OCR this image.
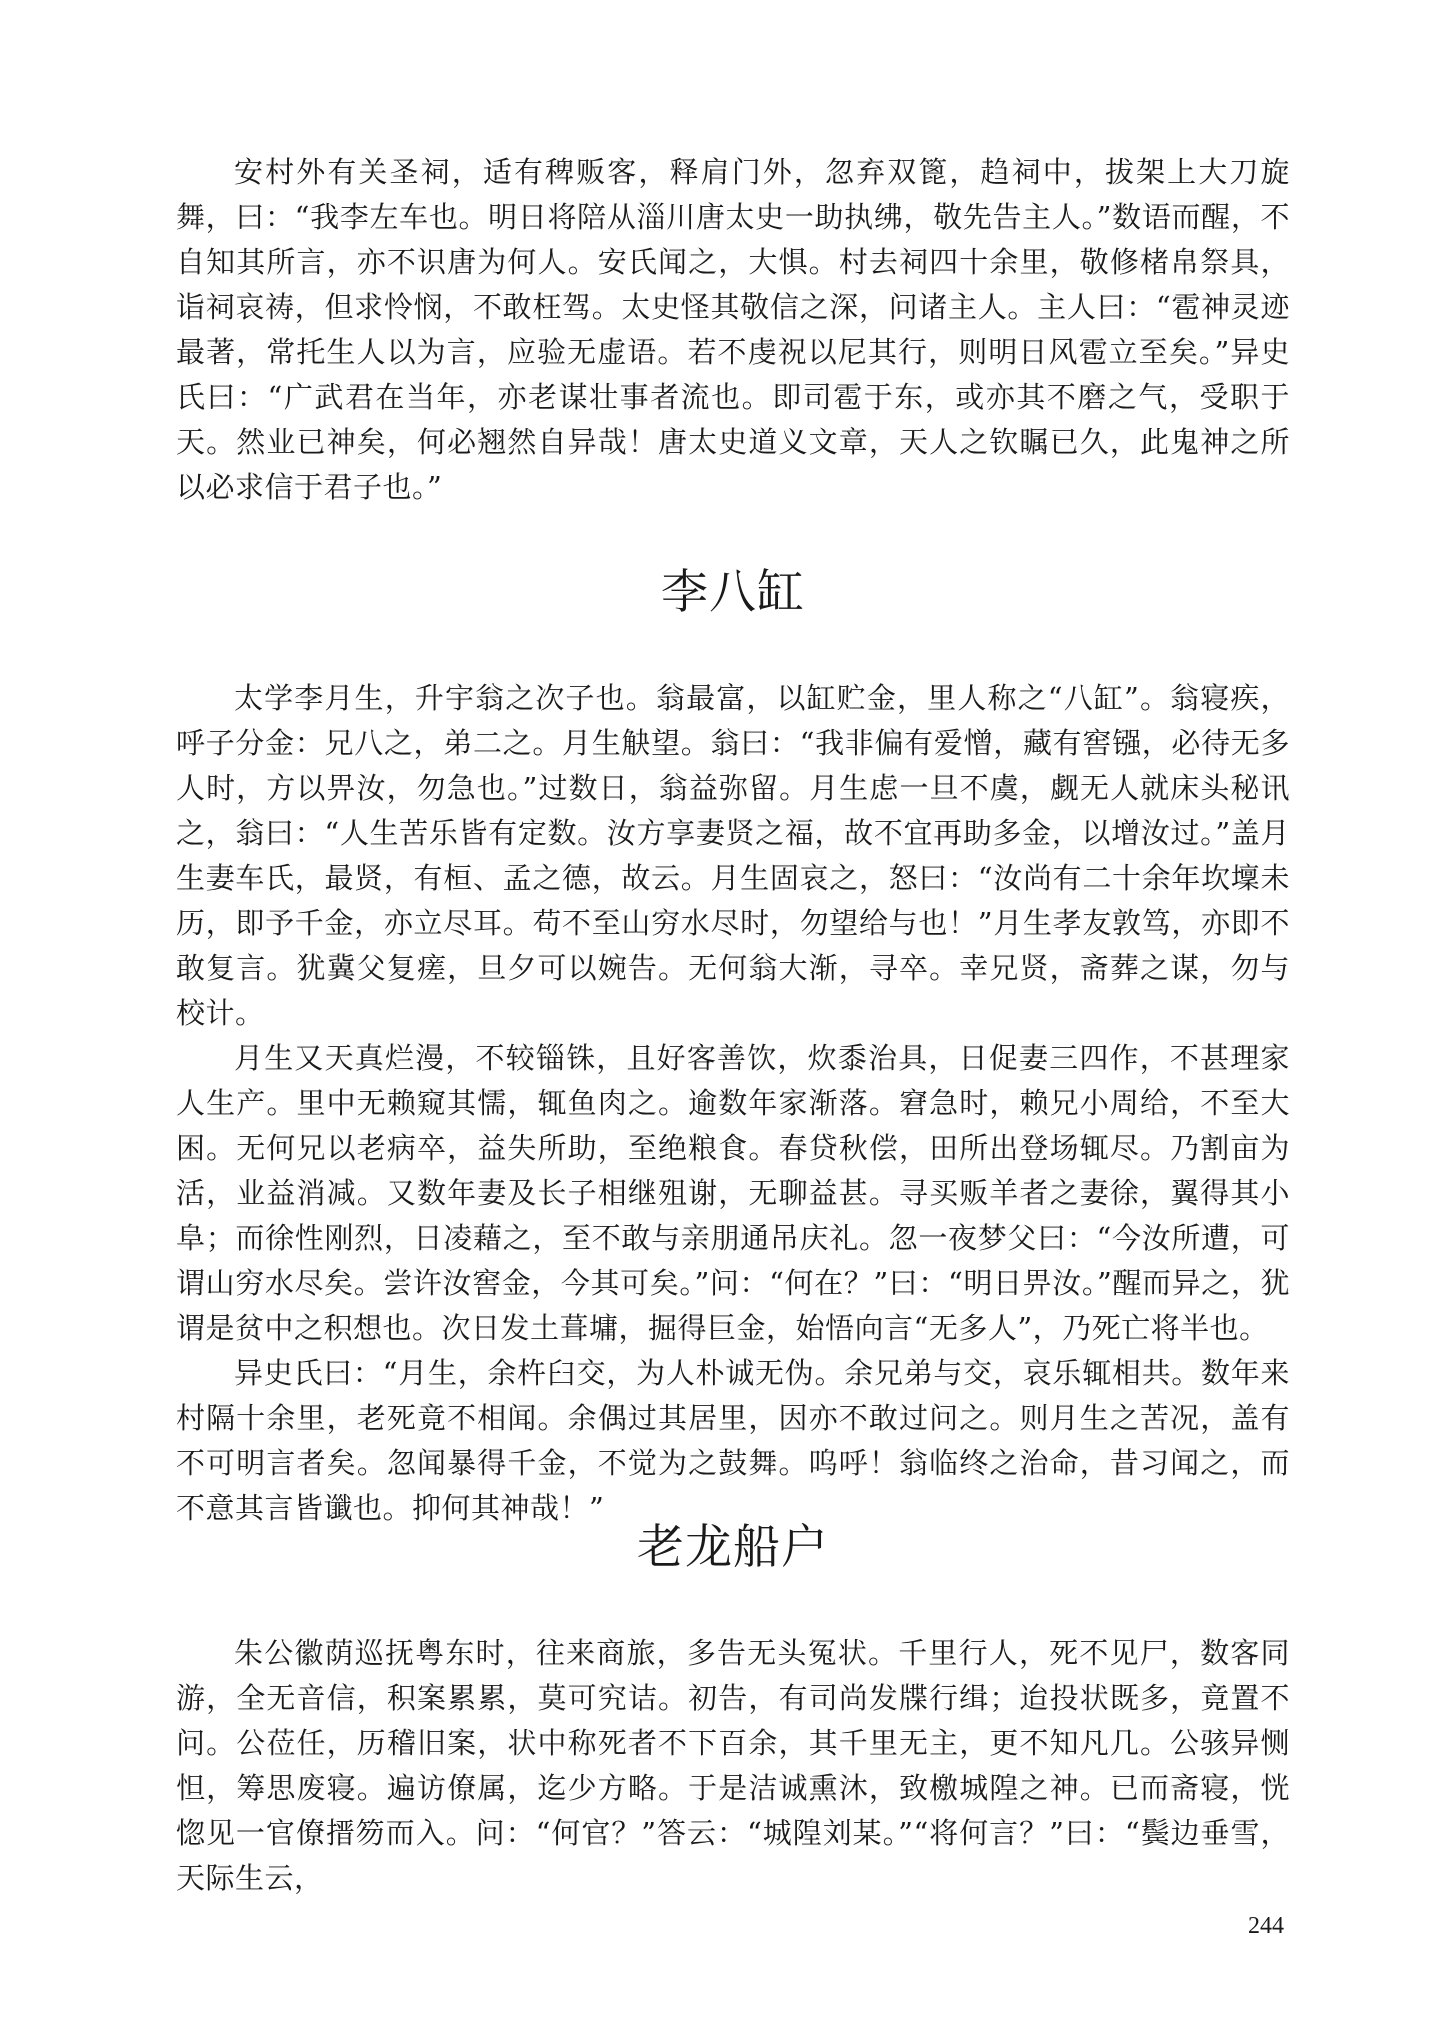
安村外有关圣祠，适有稗贩客，释肩门外，忽弃双篦，趋祠中，拔架上大刀旋舞，曰：“我李左车也。明日将陪从淄川唐太史一助执绋，敬先告主人。”数语而醒，不自知其所言，亦不识唐为何人。安氏闻之，大惧。村去祠四十余里，敬修楮帛祭具，诣祠哀祷，但求怜悯，不敢枉驾。太史怪其敬信之深，问诸主人。主人曰：“雹神灵迹最著，常托生人以为言，应验无虚语。若不虔祝以尼其行，则明日风雹立至矣。”异史氏曰：“广武君在当年，亦老谋壮事者流也。即司雹于东，或亦其不磨之气，受职于天。然业已神矣，何必翘然自异哉！唐太史道义文章，天人之钦瞩已久，此鬼神之所以必求信于君子也。”

李八缸

太学李月生，升宇翁之次子也。翁最富，以缸贮金，里人称之“八缸”。翁寝疾，呼子分金：兄八之，弟二之。月生觖望。翁曰：“我非偏有爱憎，藏有窖镪，必待无多人时，方以畀汝，勿急也。”过数日，翁益弥留。月生虑一旦不虞，觑无人就床头秘讯之，翁曰：“人生苦乐皆有定数。汝方享妻贤之福，故不宜再助多金，以增汝过。”盖月生妻车氏，最贤，有桓、孟之德，故云。月生固哀之，怒曰：“汝尚有二十余年坎壈未历，即予千金，亦立尽耳。苟不至山穷水尽时，勿望给与也！”月生孝友敦笃，亦即不敢复言。犹冀父复瘥，旦夕可以婉告。无何翁大渐，寻卒。幸兄贤，斋葬之谋，勿与校计。

月生又天真烂漫，不较锱铢，且好客善饮，炊黍治具，日促妻三四作，不甚理家人生产。里中无赖窥其懦，辄鱼肉之。逾数年家渐落。窘急时，赖兄小周给，不至大困。无何兄以老病卒，益失所助，至绝粮食。春贷秋偿，田所出登场辄尽。乃割亩为活，业益消减。又数年妻及长子相继殂谢，无聊益甚。寻买贩羊者之妻徐，翼得其小阜；而徐性刚烈，日凌藉之，至不敢与亲朋通吊庆礼。忽一夜梦父曰：“今汝所遭，可谓山穷水尽矣。尝许汝窖金，今其可矣。”问：“何在？”曰：“明日畀汝。”醒而异之，犹谓是贫中之积想也。次日发土葺墉，掘得巨金，始悟向言“无多人”，乃死亡将半也。

异史氏曰：“月生，余杵臼交，为人朴诚无伪。余兄弟与交，哀乐辄相共。数年来村隔十余里，老死竟不相闻。余偶过其居里，因亦不敢过问之。则月生之苦况，盖有不可明言者矣。忽闻暴得千金，不觉为之鼓舞。呜呼！翁临终之治命，昔习闻之，而不意其言皆谶也。抑何其神哉！”

老龙船户

朱公徽荫巡抚粤东时，往来商旅，多告无头冤状。千里行人，死不见尸，数客同游，全无音信，积案累累，莫可究诘。初告，有司尚发牒行缉；迨投状既多，竟置不问。公莅任，历稽旧案，状中称死者不下百余，其千里无主，更不知凡几。公骇异恻怛，筹思废寝。遍访僚属，迄少方略。于是洁诚熏沐，致檄城隍之神。已而斋寝，恍惚见一官僚搢笏而入。问：“何官？”答云：“城隍刘某。”“将何言？”曰：“鬓边垂雪，天际生云，

244
